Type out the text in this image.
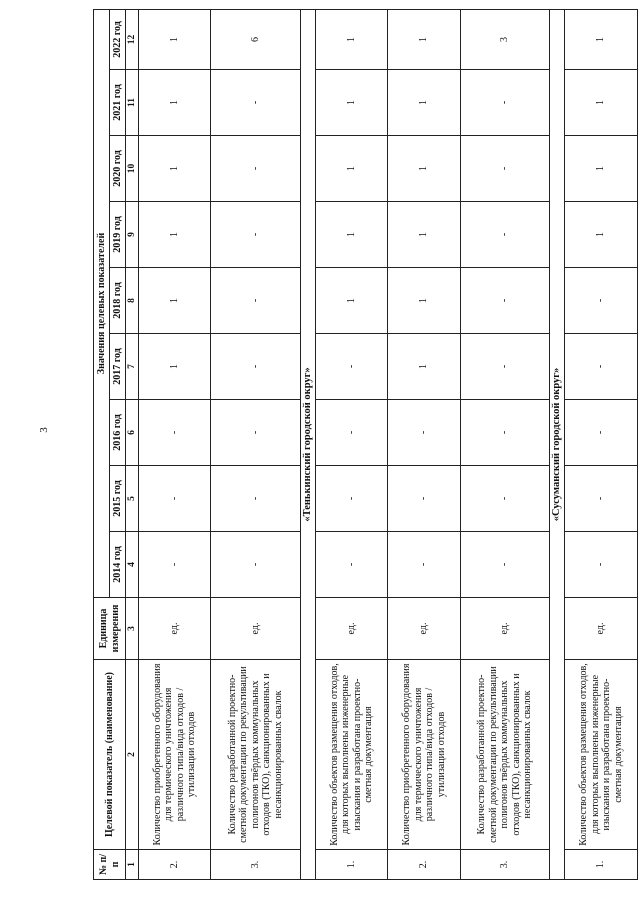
3
№ п/п	Целевой показатель (наименование)	Единица измерения	Значения целевых показателей								
			2014 год	2015 год	2016 год	2017 год	2018 год	2019 год	2020 год	2021 год	2022 год
1	2	3	4	5	6	7	8	9	10	11	12
2.	Количество приобретенного оборудования для термического уничтожения различного типа/вида отходов /утилизации отходов	ед.	-	-	-	1	1	1	1	1	1
3.	Количество разработанной проектно-сметной документации по рекультивации полигонов твёрдых коммунальных отходов (ТКО), санкционированных и несанкционированных свалок	ед.	-	-	-	-	-	-	-	-	6
«Тенькинский городской округ»											
1.	Количество объектов размещения отходов, для которых выполнены инженерные изыскания и разработана проектно-сметная документация	ед.	-	-	-	-	1	1	1	1	1
2.	Количество приобретенного оборудования для термического уничтожения различного типа/вида отходов /утилизации отходов	ед.	-	-	-	1	1	1	1	1	1
3.	Количество разработанной проектно-сметной документации по рекультивации полигонов твёрдых коммунальных отходов (ТКО), санкционированных и несанкционированных свалок	ед.	-	-	-	-	-	-	-	-	3
«Сусуманский городской округ»											
1.	Количество объектов размещения отходов, для которых выполнены инженерные изыскания и разработана проектно-сметная документация	ед.	-	-	-	-	-	1	1	1	1
